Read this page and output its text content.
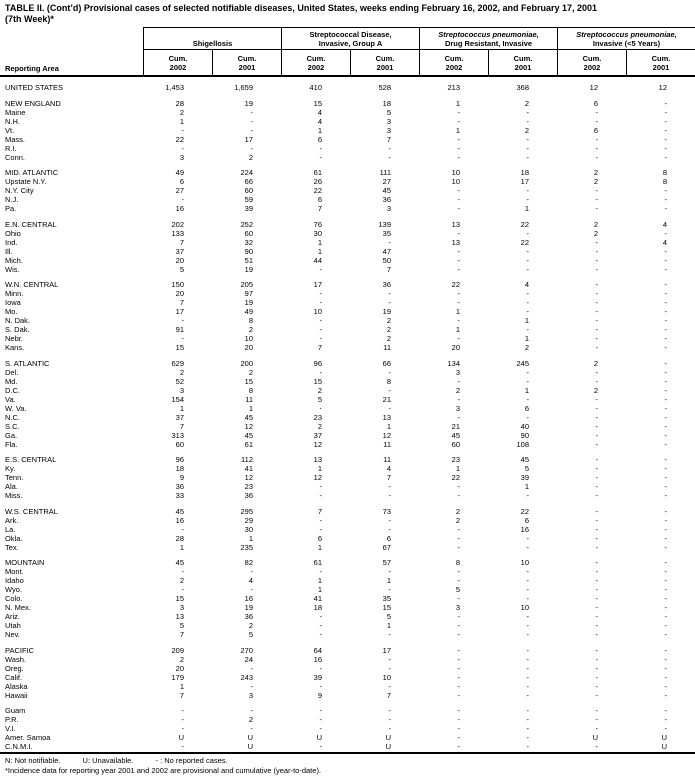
TABLE II. (Cont’d) Provisional cases of selected notifiable diseases, United States, weeks ending February 16, 2002, and February 17, 2001
(7th Week)*
Reporting Area
Shigellosis
Streptococcal Disease,
Invasive, Group A
Streptococcus pneumoniae,
Drug Resistant, Invasive
Streptococcus pneumoniae,
Invasive (<5 Years)
Cum.
2002
Cum.
2001
Cum.
2002
Cum.
2001
Cum.
2002
Cum.
2001
Cum.
2002
Cum.
2001
UNITED STATES	1,453	1,659	410	528	213	368	12	12
NEW ENGLAND	28	19	15	18	1	2	6	-
Maine	2	-	4	5	-	-	-	-
N.H.	1	-	4	3	-	-	-	-
Vt.	-	-	1	3	1	2	6	-
Mass.	22	17	6	7	-	-	-	-
R.I.	-	-	-	-	-	-	-	-
Conn.	3	2	-	-	-	-	-	-
MID. ATLANTIC	49	224	61	111	10	18	2	8
Upstate N.Y.	6	66	26	27	10	17	2	8
N.Y. City	27	60	22	45	-	-	-	-
N.J.	-	59	6	36	-	-	-	-
Pa.	16	39	7	3	-	1	-	-
E.N. CENTRAL	202	252	76	139	13	22	2	4
Ohio	133	60	30	35	-	-	2	-
Ind.	7	32	1	-	13	22	-	4
Ill.	37	90	1	47	-	-	-	-
Mich.	20	51	44	50	-	-	-	-
Wis.	5	19	-	7	-	-	-	-
W.N. CENTRAL	150	205	17	36	22	4	-	-
Minn.	20	97	-	-	-	-	-	-
Iowa	7	19	-	-	-	-	-	-
Mo.	17	49	10	19	1	-	-	-
N. Dak.	-	8	-	2	-	1	-	-
S. Dak.	91	2	-	2	1	-	-	-
Nebr.	-	10	-	2	-	1	-	-
Kans.	15	20	7	11	20	2	-	-
S. ATLANTIC	629	200	96	66	134	245	2	-
Del.	2	2	-	-	3	-	-	-
Md.	52	15	15	8	-	-	-	-
D.C.	3	8	2	-	2	1	2	-
Va.	154	11	5	21	-	-	-	-
W. Va.	1	1	-	-	3	6	-	-
N.C.	37	45	23	13	-	-	-	-
S.C.	7	12	2	1	21	40	-	-
Ga.	313	45	37	12	45	90	-	-
Fla.	60	61	12	11	60	108	-	-
E.S. CENTRAL	96	112	13	11	23	45	-	-
Ky.	18	41	1	4	1	5	-	-
Tenn.	9	12	12	7	22	39	-	-
Ala.	36	23	-	-	-	1	-	-
Miss.	33	36	-	-	-	-	-	-
W.S. CENTRAL	45	295	7	73	2	22	-	-
Ark.	16	29	-	-	2	6	-	-
La.	-	30	-	-	-	16	-	-
Okla.	28	1	6	6	-	-	-	-
Tex.	1	235	1	67	-	-	-	-
MOUNTAIN	45	82	61	57	8	10	-	-
Mont.	-	-	-	-	-	-	-	-
Idaho	2	4	1	1	-	-	-	-
Wyo.	-	-	1	-	5	-	-	-
Colo.	15	16	41	35	-	-	-	-
N. Mex.	3	19	18	15	3	10	-	-
Ariz.	13	36	-	5	-	-	-	-
Utah	5	2	-	1	-	-	-	-
Nev.	7	5	-	-	-	-	-	-
PACIFIC	209	270	64	17	-	-	-	-
Wash.	2	24	16	-	-	-	-	-
Oreg.	20	-	-	-	-	-	-	-
Calif.	179	243	39	10	-	-	-	-
Alaska	1	-	-	-	-	-	-	-
Hawaii	7	3	9	7	-	-	-	-
Guam	-	-	-	-	-	-	-	-
P.R.	-	2	-	-	-	-	-	-
V.I.	-	-	-	-	-	-	-	-
Amer. Samoa	U	U	U	U	-	-	U	U
C.N.M.I.	-	U	-	U	-	-	-	U
N: Not notifiable.	U: Unavailable.	- : No reported cases.
*Incidence data for reporting year 2001 and 2002 are provisional and cumulative (year-to-date).
